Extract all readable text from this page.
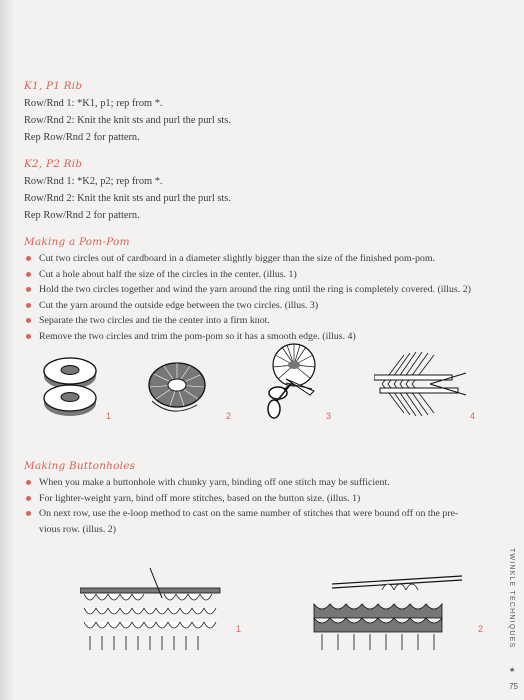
K1, P1 Rib
Row/Rnd 1: *K1, p1; rep from *.
Row/Rnd 2: Knit the knit sts and purl the purl sts.
Rep Row/Rnd 2 for pattern.
K2, P2 Rib
Row/Rnd 1: *K2, p2; rep from *.
Row/Rnd 2: Knit the knit sts and purl the purl sts.
Rep Row/Rnd 2 for pattern.
Making a Pom-Pom
Cut two circles out of cardboard in a diameter slightly bigger than the size of the finished pom-pom.
Cut a hole about half the size of the circles in the center. (illus. 1)
Hold the two circles together and wind the yarn around the ring until the ring is completely covered. (illus. 2)
Cut the yarn around the outside edge between the two circles. (illus. 3)
Separate the two circles and tie the center into a firm knot.
Remove the two circles and trim the pom-pom so it has a smooth edge. (illus. 4)
1	2	3	4
Making Buttonholes
When you make a buttonhole with chunky yarn, binding off one stitch may be sufficient.
For lighter-weight yarn, bind off more stitches, based on the button size. (illus. 1)
On next row, use the e-loop method to cast on the same number of stitches that were bound off on the pre-
vious row. (illus. 2)
1	2	TWINKLE TECHNIQUES
★
75
